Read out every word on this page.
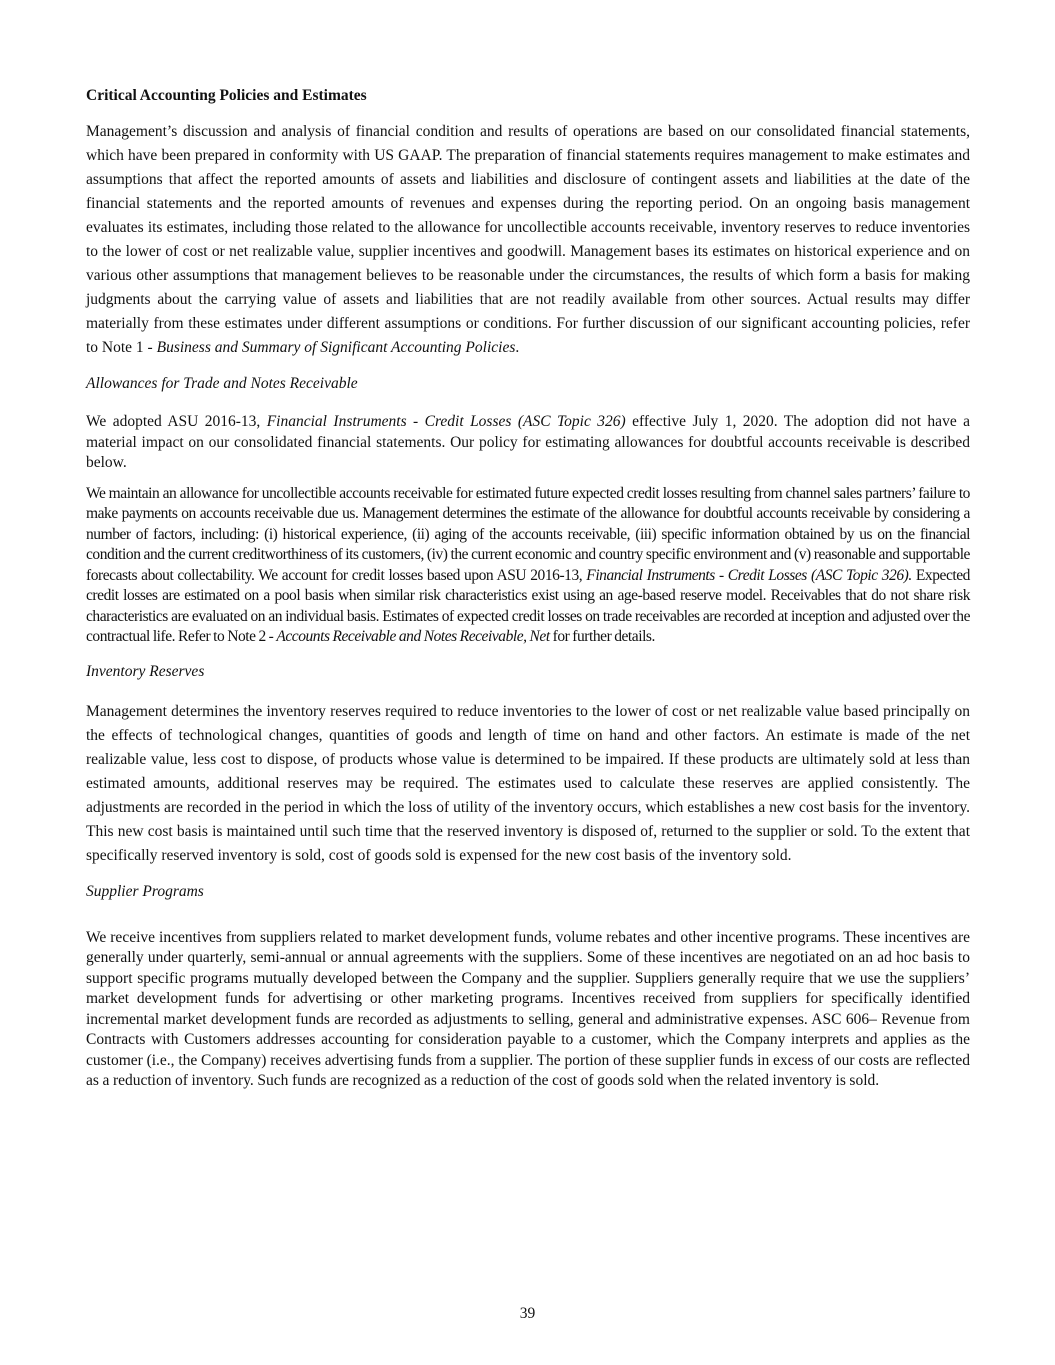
Critical Accounting Policies and Estimates

Management’s discussion and analysis of financial condition and results of operations are based on our consolidated financial statements, which have been prepared in conformity with US GAAP. The preparation of financial statements requires management to make estimates and assumptions that affect the reported amounts of assets and liabilities and disclosure of contingent assets and liabilities at the date of the financial statements and the reported amounts of revenues and expenses during the reporting period. On an ongoing basis management evaluates its estimates, including those related to the allowance for uncollectible accounts receivable, inventory reserves to reduce inventories to the lower of cost or net realizable value, supplier incentives and goodwill. Management bases its estimates on historical experience and on various other assumptions that management believes to be reasonable under the circumstances, the results of which form a basis for making judgments about the carrying value of assets and liabilities that are not readily available from other sources. Actual results may differ materially from these estimates under different assumptions or conditions. For further discussion of our significant accounting policies, refer to Note 1 - Business and Summary of Significant Accounting Policies.

Allowances for Trade and Notes Receivable

We adopted ASU 2016-13, Financial Instruments - Credit Losses (ASC Topic 326) effective July 1, 2020. The adoption did not have a material impact on our consolidated financial statements. Our policy for estimating allowances for doubtful accounts receivable is described below.

We maintain an allowance for uncollectible accounts receivable for estimated future expected credit losses resulting from channel sales partners’ failure to make payments on accounts receivable due us. Management determines the estimate of the allowance for doubtful accounts receivable by considering a number of factors, including: (i) historical experience, (ii) aging of the accounts receivable, (iii) specific information obtained by us on the financial condition and the current creditworthiness of its customers, (iv) the current economic and country specific environment and (v) reasonable and supportable forecasts about collectability. We account for credit losses based upon ASU 2016-13, Financial Instruments - Credit Losses (ASC Topic 326). Expected credit losses are estimated on a pool basis when similar risk characteristics exist using an age-based reserve model. Receivables that do not share risk characteristics are evaluated on an individual basis. Estimates of expected credit losses on trade receivables are recorded at inception and adjusted over the contractual life. Refer to Note 2 - Accounts Receivable and Notes Receivable, Net for further details.

Inventory Reserves

Management determines the inventory reserves required to reduce inventories to the lower of cost or net realizable value based principally on the effects of technological changes, quantities of goods and length of time on hand and other factors. An estimate is made of the net realizable value, less cost to dispose, of products whose value is determined to be impaired. If these products are ultimately sold at less than estimated amounts, additional reserves may be required. The estimates used to calculate these reserves are applied consistently. The adjustments are recorded in the period in which the loss of utility of the inventory occurs, which establishes a new cost basis for the inventory. This new cost basis is maintained until such time that the reserved inventory is disposed of, returned to the supplier or sold. To the extent that specifically reserved inventory is sold, cost of goods sold is expensed for the new cost basis of the inventory sold.

Supplier Programs

We receive incentives from suppliers related to market development funds, volume rebates and other incentive programs. These incentives are generally under quarterly, semi-annual or annual agreements with the suppliers. Some of these incentives are negotiated on an ad hoc basis to support specific programs mutually developed between the Company and the supplier. Suppliers generally require that we use the suppliers’ market development funds for advertising or other marketing programs. Incentives received from suppliers for specifically identified incremental market development funds are recorded as adjustments to selling, general and administrative expenses. ASC 606– Revenue from Contracts with Customers addresses accounting for consideration payable to a customer, which the Company interprets and applies as the customer (i.e., the Company) receives advertising funds from a supplier. The portion of these supplier funds in excess of our costs are reflected as a reduction of inventory. Such funds are recognized as a reduction of the cost of goods sold when the related inventory is sold.

39
